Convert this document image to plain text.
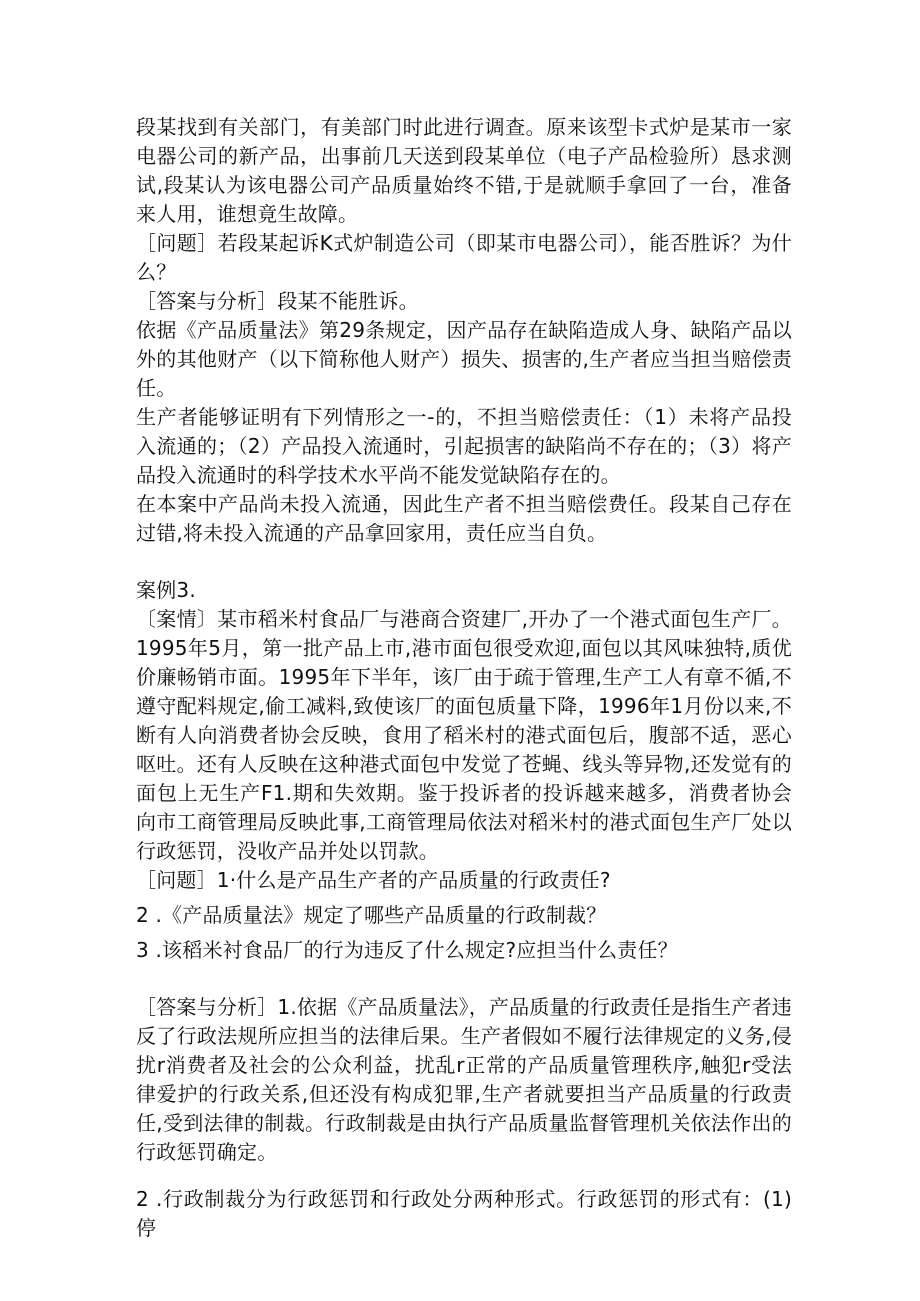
段某找到有关部门，有美部门时此进行调查。原来该型卡式炉是某市一家电器公司的新产品，出事前几天送到段某单位（电子产品检验所）恳求测试,段某认为该电器公司产品质量始终不错,于是就顺手拿回了一台，准备来人用，谁想竟生故障。

［问题］若段某起诉K式炉制造公司（即某市电器公司），能否胜诉？为什么？

［答案与分析］段某不能胜诉。

依据《产品质量法》第29条规定，因产品存在缺陷造成人身、缺陷产品以外的其他财产（以下简称他人财产）损失、损害的,生产者应当担当赔偿责任。

生产者能够证明有下列情形之一-的，不担当赔偿责任：（1）未将产品投入流通的；（2）产品投入流通时，引起损害的缺陷尚不存在的；（3）将产品投入流通时的科学技术水平尚不能发觉缺陷存在的。

在本案中产品尚未投入流通，因此生产者不担当赔偿费任。段某自己存在过错,将未投入流通的产品拿回家用，责任应当自负。

案例3.

〔案情〕某市稻米村食品厂与港商合资建厂,开办了一个港式面包生产厂。1995年5月，第一批产品上市,港市面包很受欢迎,面包以其风味独特,质优价廉畅销市面。1995年下半年，该厂由于疏于管理,生产工人有章不循,不遵守配料规定,偷工减料,致使该厂的面包质量下降，1996年1月份以来,不断有人向消费者协会反映，食用了稻米村的港式面包后，腹部不适，恶心呕吐。还有人反映在这种港式面包中发觉了苍蝇、线头等异物,还发觉有的面包上无生产F1.期和失效期。鉴于投诉者的投诉越来越多，消费者协会向市工商管理局反映此事,工商管理局依法对稻米村的港式面包生产厂处以行政惩罚，没收产品并处以罚款。

［问题］1·什么是产品生产者的产品质量的行政责任?

2 .《产品质量法》规定了哪些产品质量的行政制裁？

3 .该稻米衬食品厂的行为违反了什么规定?应担当什么责任？

［答案与分析］1.依据《产品质量法》，产品质量的行政责任是指生产者违反了行政法规所应担当的法律后果。生产者假如不履行法律规定的义务,侵扰r消费者及社会的公众利益，扰乱r正常的产品质量管理秩序,触犯r受法律爱护的行政关系,但还没有构成犯罪,生产者就要担当产品质量的行政责任,受到法律的制裁。行政制裁是由执行产品质量监督管理机关依法作出的行政惩罚确定。

2 .行政制裁分为行政惩罚和行政处分两种形式。行政惩罚的形式有：(1)停
